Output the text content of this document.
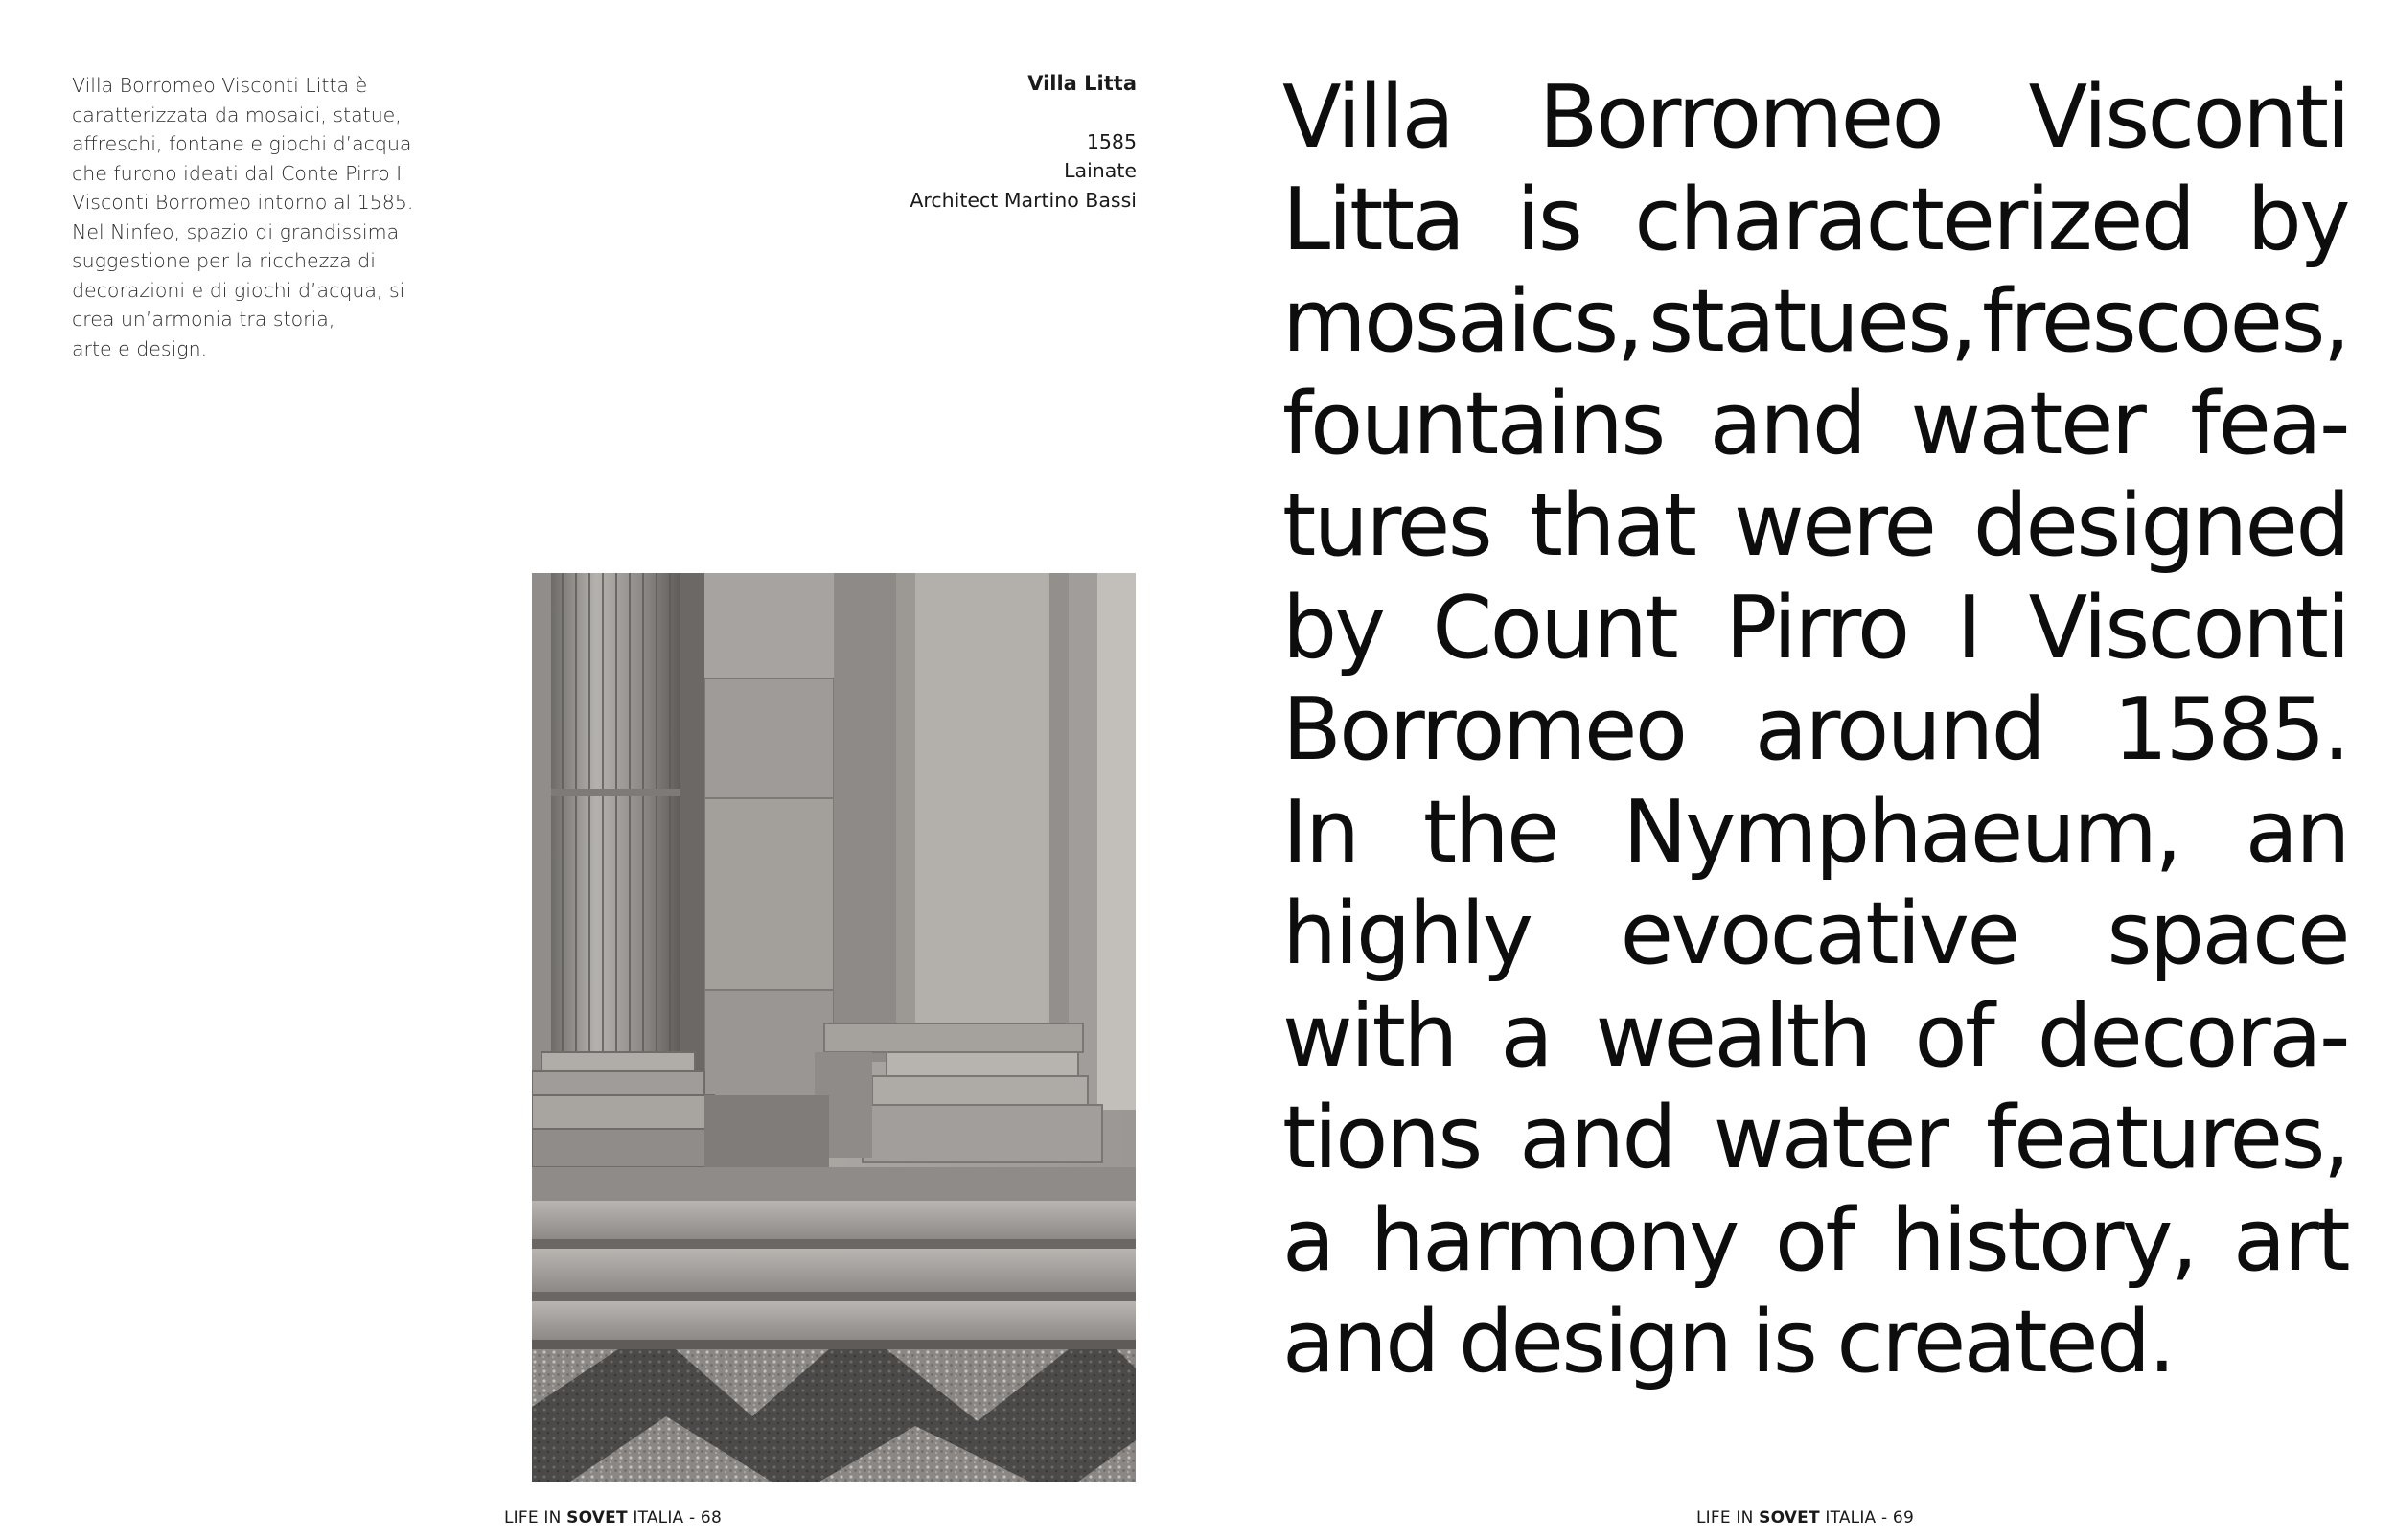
Villa Borromeo Visconti Litta è
caratterizzata da mosaici, statue,
affreschi, fontane e giochi d’acqua
che furono ideati dal Conte Pirro I
Visconti Borromeo intorno al 1585.
Nel Ninfeo, spazio di grandissima
suggestione per la ricchezza di
decorazioni e di giochi d’acqua, si
crea un’armonia tra storia,
arte e design.

Villa Litta
1585
Lainate
Architect Martino Bassi
LIFE IN SOVET ITALIA - 68
Villa Borromeo Visconti
Litta is characterized by
mosaics, statues, frescoes,
fountains and water fea-
tures that were designed
by Count Pirro I Visconti
Borromeo around 1585.
In the Nymphaeum, an
highly evocative space
with a wealth of decora-
tions and water features,
a harmony of history, art
and design is created.
LIFE IN SOVET ITALIA - 69
